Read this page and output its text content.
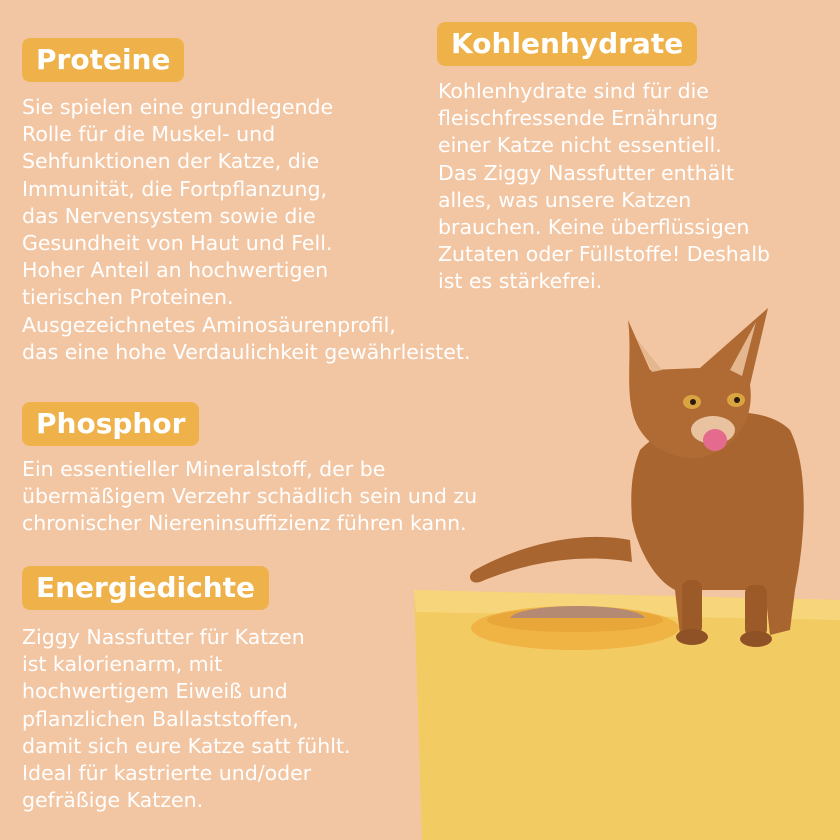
Proteine

Sie spielen eine grundlegende
Rolle für die Muskel- und
Sehfunktionen der Katze, die
Immunität, die Fortpflanzung,
das Nervensystem sowie die
Gesundheit von Haut und Fell.
Hoher Anteil an hochwertigen
tierischen Proteinen.
Ausgezeichnetes Aminosäurenprofil,
das eine hohe Verdaulichkeit gewährleistet.

Kohlenhydrate

Kohlenhydrate sind für die
fleischfressende Ernährung
einer Katze nicht essentiell.
Das Ziggy Nassfutter enthält
alles, was unsere Katzen
brauchen. Keine überflüssigen
Zutaten oder Füllstoffe! Deshalb
ist es stärkefrei.

Phosphor

Ein essentieller Mineralstoff, der be
übermäßigem Verzehr schädlich sein und zu
chronischer Niereninsuffizienz führen kann.

Energiedichte

Ziggy Nassfutter für Katzen
ist kalorienarm, mit
hochwertigem Eiweiß und
pflanzlichen Ballaststoffen,
damit sich eure Katze satt fühlt.
Ideal für kastrierte und/oder
gefräßige Katzen.
